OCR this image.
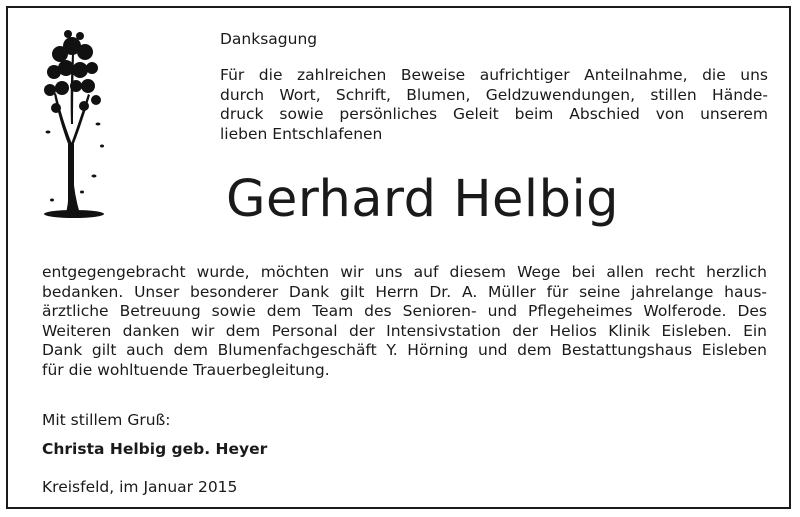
Danksagung
Für die zahlreichen Beweise aufrichtiger Anteilnahme, die uns
durch Wort, Schrift, Blumen, Geldzuwendungen, stillen Hände-
druck sowie persönliches Geleit beim Abschied von unserem
lieben Entschlafenen
Gerhard Helbig
entgegengebracht wurde, möchten wir uns auf diesem Wege bei allen recht herzlich
bedanken. Unser besonderer Dank gilt Herrn Dr. A. Müller für seine jahrelange haus-
ärztliche Betreuung sowie dem Team des Senioren- und Pflegeheimes Wolferode. Des
Weiteren danken wir dem Personal der Intensivstation der Helios Klinik Eisleben. Ein
Dank gilt auch dem Blumenfachgeschäft Y. Hörning und dem Bestattungshaus Eisleben
für die wohltuende Trauerbegleitung.
Mit stillem Gruß:
Christa Helbig geb. Heyer
Kreisfeld, im Januar 2015
